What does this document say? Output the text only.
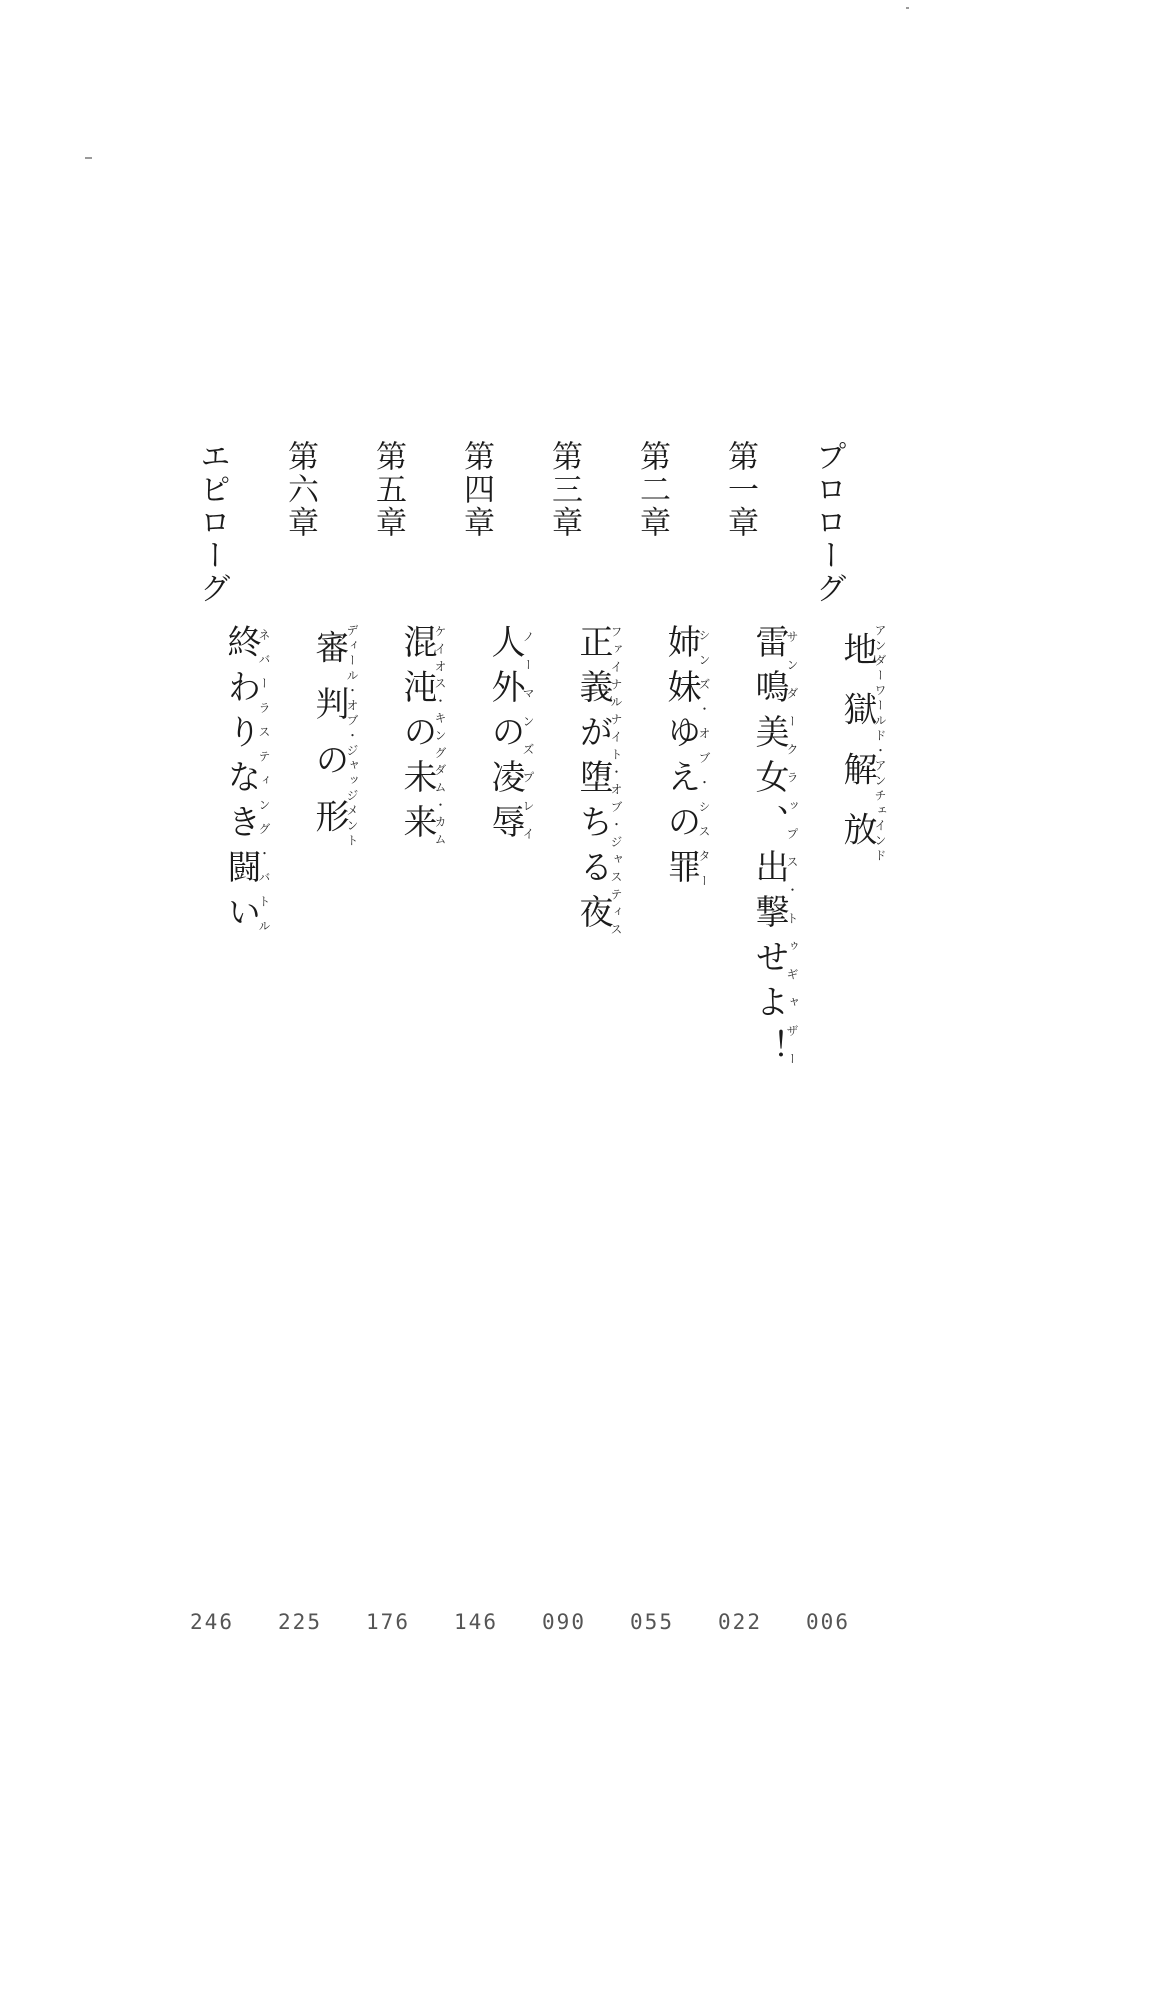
プロローグ
地獄解放アンダーワールド・アンチェインド
006
第一章
雷鳴美女、出撃せよ！サンダークラップス・トゥギャザー
022
第二章
姉妹ゆえの罪シンズ・オブ・シスター
055
第三章
正義が堕ちる夜ファイナルナイト・オブ・ジャスティス
090
第四章
人外の凌辱ノーマンズプレイ
146
第五章
混沌の未来ケイオス・キングダム・カム
176
第六章
審判の形ディール・オブ・ジャッジメント
225
エピローグ
終わりなき闘いネバーラスティング・バトル
246
